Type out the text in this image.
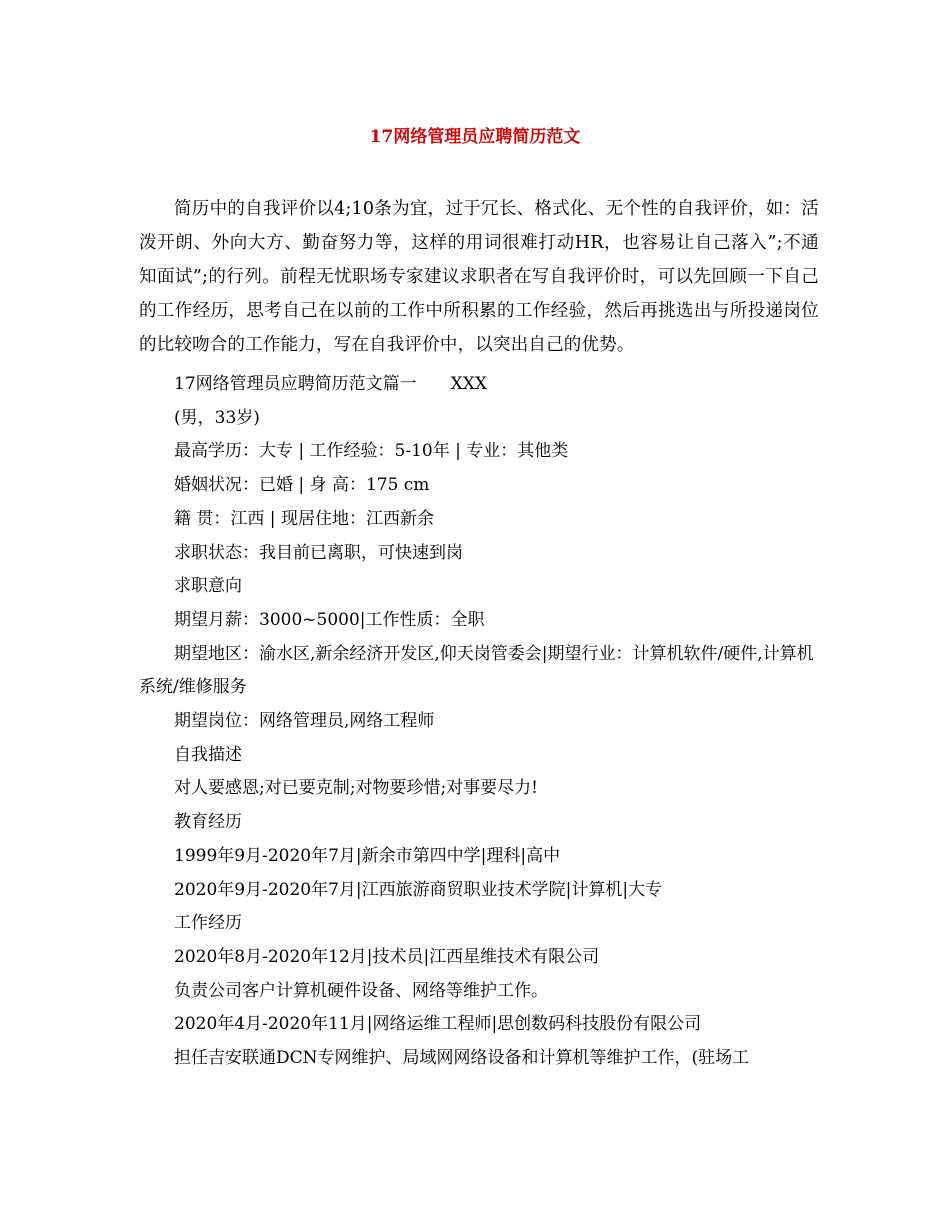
17网络管理员应聘简历范文

简历中的自我评价以4;10条为宜，过于冗长、格式化、无个性的自我评价，如：活泼开朗、外向大方、勤奋努力等，这样的用词很难打动HR，也容易让自己落入”;不通知面试”;的行列。前程无忧职场专家建议求职者在写自我评价时，可以先回顾一下自己的工作经历，思考自己在以前的工作中所积累的工作经验，然后再挑选出与所投递岗位的比较吻合的工作能力，写在自我评价中，以突出自己的优势。

17网络管理员应聘简历范文篇一　　XXX

(男，33岁)

最高学历：大专 | 工作经验：5-10年 | 专业：其他类

婚姻状况：已婚 | 身 高：175 cm

籍 贯：江西 | 现居住地：江西新余

求职状态：我目前已离职，可快速到岗

求职意向

期望月薪：3000~5000|工作性质：全职

期望地区：渝水区,新余经济开发区,仰天岗管委会|期望行业：计算机软件/硬件,计算机系统/维修服务

期望岗位：网络管理员,网络工程师

自我描述

对人要感恩;对已要克制;对物要珍惜;对事要尽力!

教育经历

1999年9月-2020年7月|新余市第四中学|理科|高中

2020年9月-2020年7月|江西旅游商贸职业技术学院|计算机|大专

工作经历

2020年8月-2020年12月|技术员|江西星维技术有限公司

负责公司客户计算机硬件设备、网络等维护工作。

2020年4月-2020年11月|网络运维工程师|思创数码科技股份有限公司

担任吉安联通DCN专网维护、局域网网络设备和计算机等维护工作，(驻场工
